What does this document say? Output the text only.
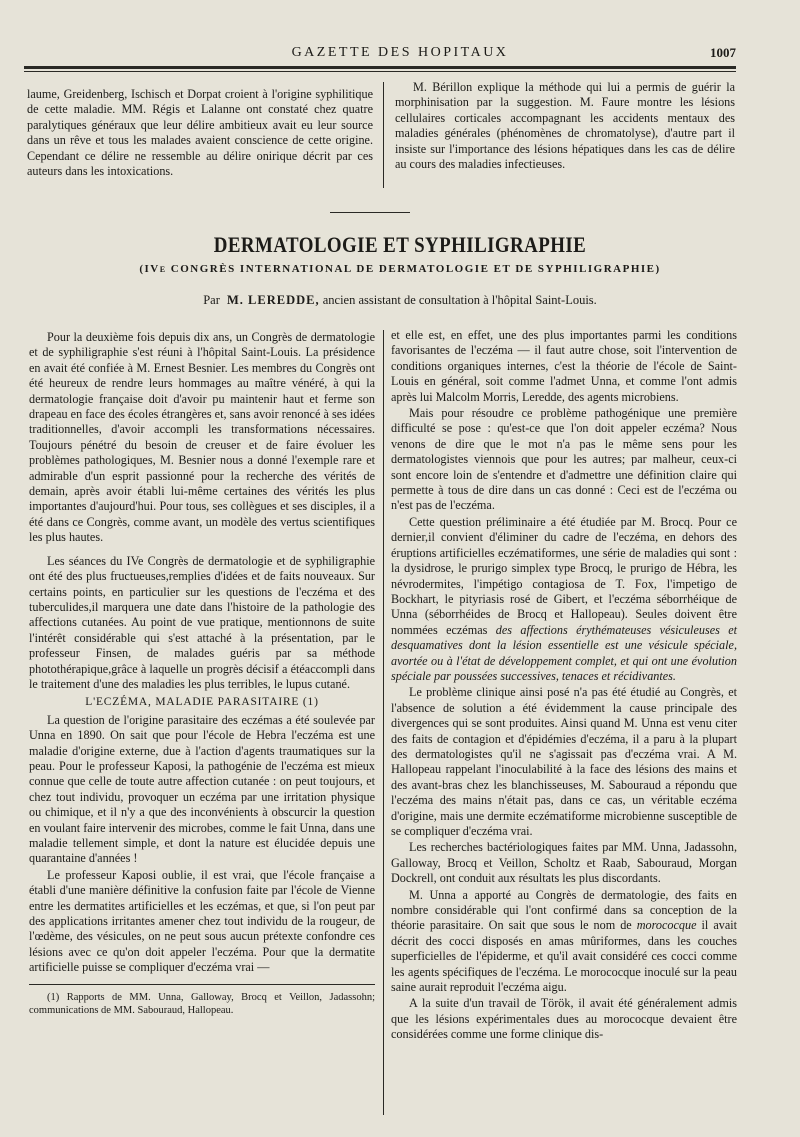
GAZETTE DES HOPITAUX	1007

laume, Greidenberg, Ischisch et Dorpat croient à l'origine syphilitique de cette maladie. MM. Régis et Lalanne ont constaté chez quatre paralytiques généraux que leur délire ambitieux avait eu leur source dans un rêve et tous les malades avaient conscience de cette origine. Cependant ce délire ne ressemble au délire onirique décrit par ces auteurs dans les intoxications.

M. Bérillon explique la méthode qui lui a permis de guérir la morphinisation par la suggestion. M. Faure montre les lésions cellulaires corticales accompagnant les accidents mentaux des maladies générales (phénomènes de chromatolyse), d'autre part il insiste sur l'importance des lésions hépatiques dans les cas de délire au cours des maladies infectieuses.

DERMATOLOGIE ET SYPHILIGRAPHIE
(IVe CONGRÈS INTERNATIONAL DE DERMATOLOGIE ET DE SYPHILIGRAPHIE)
Par M. LEREDDE, ancien assistant de consultation à l'hôpital Saint-Louis.

Pour la deuxième fois depuis dix ans, un Congrès de dermatologie et de syphiligraphie s'est réuni à l'hôpital Saint-Louis. La présidence en avait été confiée à M. Ernest Besnier. Les membres du Congrès ont été heureux de rendre leurs hommages au maître vénéré, à qui la dermatologie française doit d'avoir pu maintenir haut et ferme son drapeau en face des écoles étrangères et, sans avoir renoncé à ses idées traditionnelles, d'avoir accompli les transformations nécessaires. Toujours pénétré du besoin de creuser et de faire évoluer les problèmes pathologiques, M. Besnier nous a donné l'exemple rare et admirable d'un esprit passionné pour la recherche des vérités de demain, après avoir établi lui-même certaines des vérités les plus importantes d'aujourd'hui. Pour tous, ses collègues et ses disciples, il a été dans ce Congrès, comme avant, un modèle des vertus scientifiques les plus hautes.

Les séances du IVe Congrès de dermatologie et de syphiligraphie ont été des plus fructueuses,remplies d'idées et de faits nouveaux. Sur certains points, en particulier sur les questions de l'eczéma et des tuberculides,il marquera une date dans l'histoire de la pathologie des affections cutanées. Au point de vue pratique, mentionnons de suite l'intérêt considérable qui s'est attaché à la présentation, par le professeur Finsen, de malades guéris par sa méthode photothérapique,grâce à laquelle un progrès décisif a étéaccompli dans le traitement d'une des maladies les plus terribles, le lupus cutané.

L'ECZÉMA, MALADIE PARASITAIRE (1)

La question de l'origine parasitaire des eczémas a été soulevée par Unna en 1890. On sait que pour l'école de Hebra l'eczéma est une maladie d'origine externe, due à l'action d'agents traumatiques sur la peau. Pour le professeur Kaposi, la pathogénie de l'eczéma est mieux connue que celle de toute autre affection cutanée : on peut toujours, et chez tout individu, provoquer un eczéma par une irritation physique ou chimique, et il n'y a que des inconvénients à obscurcir la question en voulant faire intervenir des microbes, comme le fait Unna, dans une maladie tellement simple, et dont la nature est élucidée depuis une quarantaine d'années !

Le professeur Kaposi oublie, il est vrai, que l'école française a établi d'une manière définitive la confusion faite par l'école de Vienne entre les dermatites artificielles et les eczémas, et que, si l'on peut par des applications irritantes amener chez tout individu de la rougeur, de l'œdème, des vésicules, on ne peut sous aucun prétexte confondre ces lésions avec ce qu'on doit appeler l'eczéma. Pour que la dermatite artificielle puisse se compliquer d'eczéma vrai —

(1) Rapports de MM. Unna, Galloway, Brocq et Veillon, Jadassohn; communications de MM. Sabouraud, Hallopeau.

et elle est, en effet, une des plus importantes parmi les conditions favorisantes de l'eczéma — il faut autre chose, soit l'intervention de conditions organiques internes, c'est la théorie de l'école de Saint-Louis en général, soit comme l'admet Unna, et comme l'ont admis après lui Malcolm Morris, Leredde, des agents microbiens.

Mais pour résoudre ce problème pathogénique une première difficulté se pose : qu'est-ce que l'on doit appeler eczéma? Nous venons de dire que le mot n'a pas le même sens pour les dermatologistes viennois que pour les autres; par malheur, ceux-ci sont encore loin de s'entendre et d'admettre une définition claire qui permette à tous de dire dans un cas donné : Ceci est de l'eczéma ou n'est pas de l'eczéma.

Cette question préliminaire a été étudiée par M. Brocq. Pour ce dernier,il convient d'éliminer du cadre de l'eczéma, en dehors des éruptions artificielles eczématiformes, une série de maladies qui sont : la dysidrose, le prurigo simplex type Brocq, le prurigo de Hébra, les névrodermites, l'impétigo contagiosa de T. Fox, l'impetigo de Bockhart, le pityriasis rosé de Gibert, et l'eczéma séborrhéique de Unna (séborrhéides de Brocq et Hallopeau). Seules doivent être nommées eczémas des affections érythémateuses vésiculeuses et desquamatives dont la lésion essentielle est une vésicule spéciale, avortée ou à l'état de développement complet, et qui ont une évolution spéciale par poussées successives, tenaces et récidivantes.

Le problème clinique ainsi posé n'a pas été étudié au Congrès, et l'absence de solution a été évidemment la cause principale des divergences qui se sont produites. Ainsi quand M. Unna est venu citer des faits de contagion et d'épidémies d'eczéma, il a paru à la plupart des dermatologistes qu'il ne s'agissait pas d'eczéma vrai. A M. Hallopeau rappelant l'inoculabilité à la face des lésions des mains et des avant-bras chez les blanchisseuses, M. Sabouraud a répondu que l'eczéma des mains n'était pas, dans ce cas, un véritable eczéma d'origine, mais une dermite eczématiforme microbienne susceptible de se compliquer d'eczéma vrai.

Les recherches bactériologiques faites par MM. Unna, Jadassohn, Galloway, Brocq et Veillon, Scholtz et Raab, Sabouraud, Morgan Dockrell, ont conduit aux résultats les plus discordants.

M. Unna a apporté au Congrès de dermatologie, des faits en nombre considérable qui l'ont confirmé dans sa conception de la théorie parasitaire. On sait que sous le nom de morococque il avait décrit des cocci disposés en amas mûriformes, dans les couches superficielles de l'épiderme, et qu'il avait considéré ces cocci comme les agents spécifiques de l'eczéma. Le morococque inoculé sur la peau saine aurait reproduit l'eczéma aigu.

A la suite d'un travail de Török, il avait été généralement admis que les lésions expérimentales dues au morococque devaient être considérées comme une forme clinique dis-
